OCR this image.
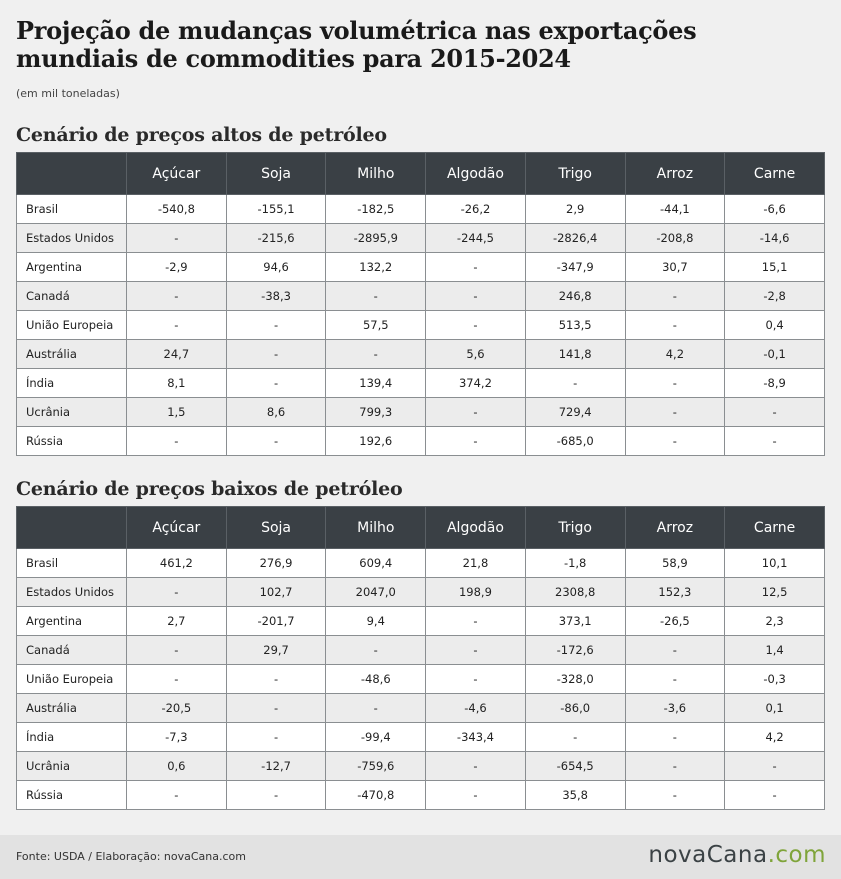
Projeção de mudanças volumétrica nas exportações mundiais de commodities para 2015-2024
(em mil toneladas)
Cenário de preços altos de petróleo
	Açúcar	Soja	Milho	Algodão	Trigo	Arroz	Carne
Brasil	-540,8	-155,1	-182,5	-26,2	2,9	-44,1	-6,6
Estados Unidos	-	-215,6	-2895,9	-244,5	-2826,4	-208,8	-14,6
Argentina	-2,9	94,6	132,2	-	-347,9	30,7	15,1
Canadá	-	-38,3	-	-	246,8	-	-2,8
União Europeia	-	-	57,5	-	513,5	-	0,4
Austrália	24,7	-	-	5,6	141,8	4,2	-0,1
Índia	8,1	-	139,4	374,2	-	-	-8,9
Ucrânia	1,5	8,6	799,3	-	729,4	-	-
Rússia	-	-	192,6	-	-685,0	-	-
Cenário de preços baixos de petróleo
	Açúcar	Soja	Milho	Algodão	Trigo	Arroz	Carne
Brasil	461,2	276,9	609,4	21,8	-1,8	58,9	10,1
Estados Unidos	-	102,7	2047,0	198,9	2308,8	152,3	12,5
Argentina	2,7	-201,7	9,4	-	373,1	-26,5	2,3
Canadá	-	29,7	-	-	-172,6	-	1,4
União Europeia	-	-	-48,6	-	-328,0	-	-0,3
Austrália	-20,5	-	-	-4,6	-86,0	-3,6	0,1
Índia	-7,3	-	-99,4	-343,4	-	-	4,2
Ucrânia	0,6	-12,7	-759,6	-	-654,5	-	-
Rússia	-	-	-470,8	-	35,8	-	-
Fonte: USDA / Elaboração: novaCana.com	novaCana.com
